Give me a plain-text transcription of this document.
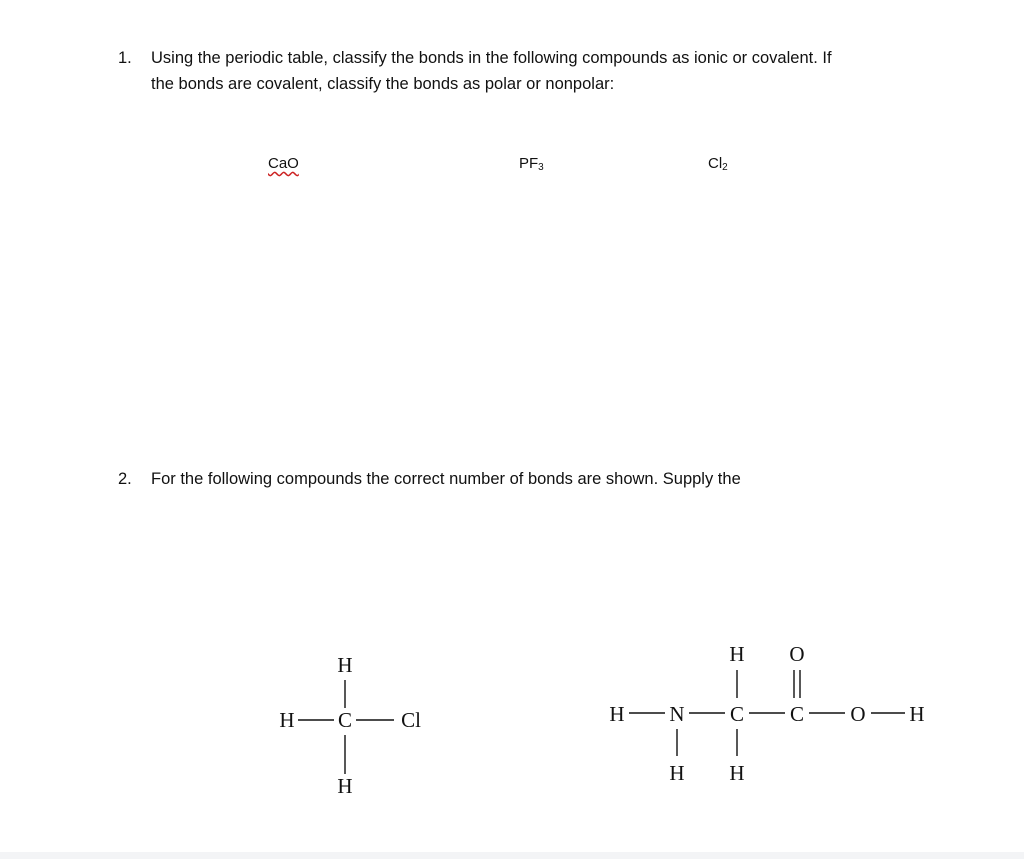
1. Using the periodic table, classify the bonds in the following compounds as ionic or covalent. If
the bonds are covalent, classify the bonds as polar or nonpolar:
CaO	$PF_3$	$Cl_2$
2. For the following compounds the correct number of bonds are shown. Supply the
H
H C Cl
H
H N
H
H
C
H
O
C O H
